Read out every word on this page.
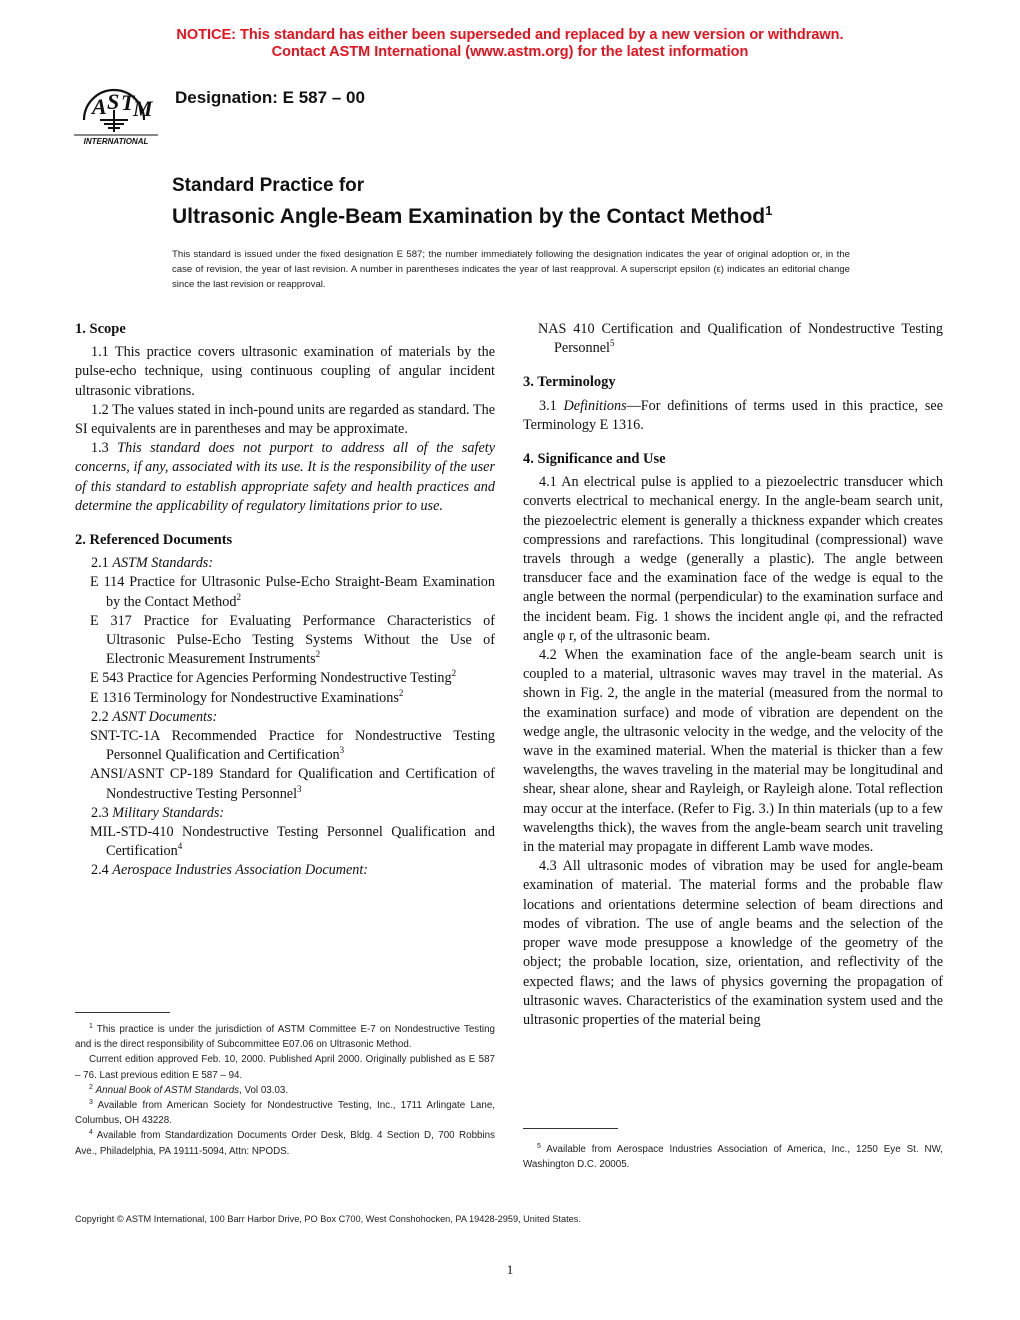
NOTICE: This standard has either been superseded and replaced by a new version or withdrawn.
Contact ASTM International (www.astm.org) for the latest information
A S T
M
INTERNATIONAL
Designation: E 587 – 00
Standard Practice for
Ultrasonic Angle-Beam Examination by the Contact Method$^1$
This standard is issued under the fixed designation E 587; the number immediately following the designation indicates the year of original adoption or, in the case of revision, the year of last revision. A number in parentheses indicates the year of last reapproval. A superscript epsilon (ε) indicates an editorial change since the last revision or reapproval.
1. Scope
1.1 This practice covers ultrasonic examination of materials by the pulse-echo technique, using continuous coupling of angular incident ultrasonic vibrations.
1.2 The values stated in inch-pound units are regarded as standard. The SI equivalents are in parentheses and may be approximate.
1.3 This standard does not purport to address all of the safety concerns, if any, associated with its use. It is the responsibility of the user of this standard to establish appropriate safety and health practices and determine the applicability of regulatory limitations prior to use.
2. Referenced Documents
2.1 ASTM Standards:
E 114 Practice for Ultrasonic Pulse-Echo Straight-Beam Examination by the Contact Method$^2$
E 317 Practice for Evaluating Performance Characteristics of Ultrasonic Pulse-Echo Testing Systems Without the Use of Electronic Measurement Instruments$^2$
E 543 Practice for Agencies Performing Nondestructive Testing$^2$
E 1316 Terminology for Nondestructive Examinations$^2$
2.2 ASNT Documents:
SNT-TC-1A Recommended Practice for Nondestructive Testing Personnel Qualification and Certification$^3$
ANSI/ASNT CP-189 Standard for Qualification and Certification of Nondestructive Testing Personnel$^3$
2.3 Military Standards:
MIL-STD-410 Nondestructive Testing Personnel Qualification and Certification$^4$
2.4 Aerospace Industries Association Document:
NAS 410 Certification and Qualification of Nondestructive Testing Personnel$^5$
3. Terminology
3.1 Definitions—For definitions of terms used in this practice, see Terminology E 1316.
4. Significance and Use
4.1 An electrical pulse is applied to a piezoelectric transducer which converts electrical to mechanical energy. In the angle-beam search unit, the piezoelectric element is generally a thickness expander which creates compressions and rarefactions. This longitudinal (compressional) wave travels through a wedge (generally a plastic). The angle between transducer face and the examination face of the wedge is equal to the angle between the normal (perpendicular) to the examination surface and the incident beam. Fig. 1 shows the incident angle φi, and the refracted angle φ r, of the ultrasonic beam.
4.2 When the examination face of the angle-beam search unit is coupled to a material, ultrasonic waves may travel in the material. As shown in Fig. 2, the angle in the material (measured from the normal to the examination surface) and mode of vibration are dependent on the wedge angle, the ultrasonic velocity in the wedge, and the velocity of the wave in the examined material. When the material is thicker than a few wavelengths, the waves traveling in the material may be longitudinal and shear, shear alone, shear and Rayleigh, or Rayleigh alone. Total reflection may occur at the interface. (Refer to Fig. 3.) In thin materials (up to a few wavelengths thick), the waves from the angle-beam search unit traveling in the material may propagate in different Lamb wave modes.
4.3 All ultrasonic modes of vibration may be used for angle-beam examination of material. The material forms and the probable flaw locations and orientations determine selection of beam directions and modes of vibration. The use of angle beams and the selection of the proper wave mode presuppose a knowledge of the geometry of the object; the probable location, size, orientation, and reflectivity of the expected flaws; and the laws of physics governing the propagation of ultrasonic waves. Characteristics of the examination system used and the ultrasonic properties of the material being
$^1$ This practice is under the jurisdiction of ASTM Committee E-7 on Nondestructive Testing and is the direct responsibility of Subcommittee E07.06 on Ultrasonic Method.
Current edition approved Feb. 10, 2000. Published April 2000. Originally published as E 587 – 76. Last previous edition E 587 – 94.
$^2$ Annual Book of ASTM Standards, Vol 03.03.
$^3$ Available from American Society for Nondestructive Testing, Inc., 1711 Arlingate Lane, Columbus, OH 43228.
$^4$ Available from Standardization Documents Order Desk, Bldg. 4 Section D, 700 Robbins Ave., Philadelphia, PA 19111-5094, Attn: NPODS.	$^5$ Available from Aerospace Industries Association of America, Inc., 1250 Eye St. NW, Washington D.C. 20005.
Copyright © ASTM International, 100 Barr Harbor Drive, PO Box C700, West Conshohocken, PA 19428-2959, United States.
1
